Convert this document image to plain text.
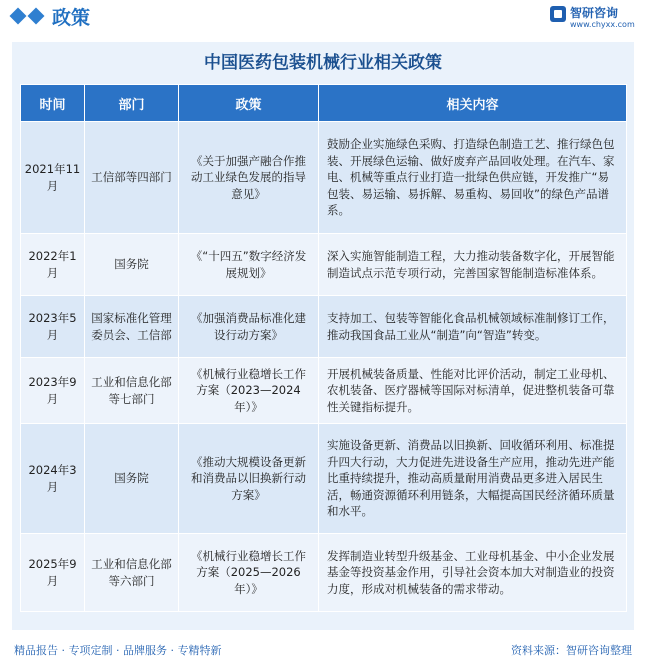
政策	智研咨询
www.chyxx.com
中国医药包装机械行业相关政策
时间	部门	政策	相关内容
2021年11月	工信部等四部门	《关于加强产融合作推动工业绿色发展的指导意见》	鼓励企业实施绿色采购、打造绿色制造工艺、推行绿色包装、开展绿色运输、做好废弃产品回收处理。在汽车、家电、机械等重点行业打造一批绿色供应链，开发推广“易包装、易运输、易拆解、易重构、易回收”的绿色产品谱系。
2022年1月	国务院	《“十四五”数字经济发展规划》	深入实施智能制造工程，大力推动装备数字化，开展智能制造试点示范专项行动，完善国家智能制造标准体系。
2023年5月	国家标准化管理委员会、工信部	《加强消费品标准化建设行动方案》	支持加工、包装等智能化食品机械领域标准制修订工作，推动我国食品工业从“制造”向“智造”转变。
2023年9月	工业和信息化部等七部门	《机械行业稳增长工作方案（2023—2024年）》	开展机械装备质量、性能对比评价活动，制定工业母机、农机装备、医疗器械等国际对标清单，促进整机装备可靠性关键指标提升。
2024年3月	国务院	《推动大规模设备更新和消费品以旧换新行动方案》	实施设备更新、消费品以旧换新、回收循环利用、标准提升四大行动，大力促进先进设备生产应用，推动先进产能比重持续提升，推动高质量耐用消费品更多进入居民生活，畅通资源循环利用链条，大幅提高国民经济循环质量和水平。
2025年9月	工业和信息化部等六部门	《机械行业稳增长工作方案（2025—2026年）》	发挥制造业转型升级基金、工业母机基金、中小企业发展基金等投资基金作用，引导社会资本加大对制造业的投资力度，形成对机械装备的需求带动。
精品报告 · 专项定制 · 品牌服务 · 专精特新	资料来源：智研咨询整理
